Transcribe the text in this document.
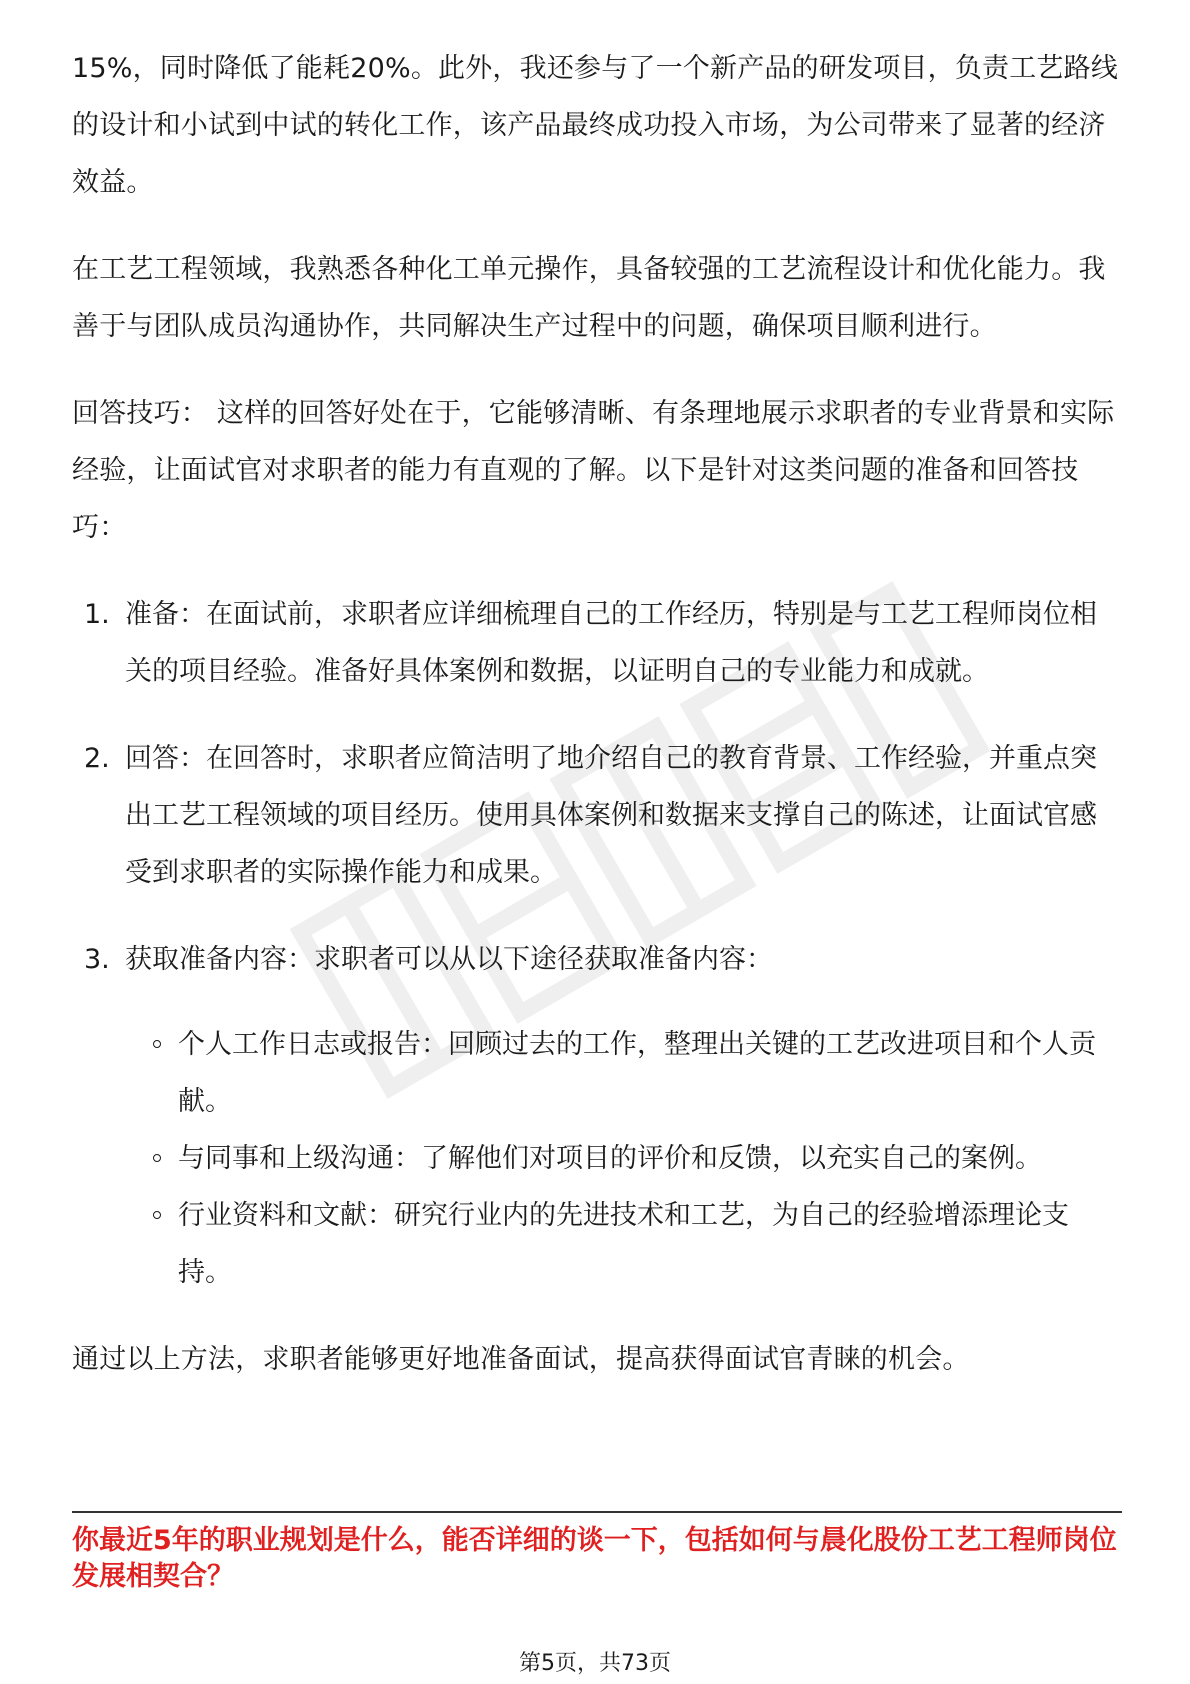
15%，同时降低了能耗20%。此外，我还参与了一个新产品的研发项目，负责工艺路线的设计和小试到中试的转化工作，该产品最终成功投入市场，为公司带来了显著的经济效益。

在工艺工程领域，我熟悉各种化工单元操作，具备较强的工艺流程设计和优化能力。我善于与团队成员沟通协作，共同解决生产过程中的问题，确保项目顺利进行。

回答技巧： 这样的回答好处在于，它能够清晰、有条理地展示求职者的专业背景和实际经验，让面试官对求职者的能力有直观的了解。以下是针对这类问题的准备和回答技巧：

1. 准备：在面试前，求职者应详细梳理自己的工作经历，特别是与工艺工程师岗位相关的项目经验。准备好具体案例和数据，以证明自己的专业能力和成就。
2. 回答：在回答时，求职者应简洁明了地介绍自己的教育背景、工作经验，并重点突出工艺工程领域的项目经历。使用具体案例和数据来支撑自己的陈述，让面试官感受到求职者的实际操作能力和成果。
3. 获取准备内容：求职者可以从以下途径获取准备内容：
个人工作日志或报告：回顾过去的工作，整理出关键的工艺改进项目和个人贡献。
与同事和上级沟通：了解他们对项目的评价和反馈，以充实自己的案例。
行业资料和文献：研究行业内的先进技术和工艺，为自己的经验增添理论支持。

通过以上方法，求职者能够更好地准备面试，提高获得面试官青睐的机会。

你最近5年的职业规划是什么，能否详细的谈一下，包括如何与晨化股份工艺工程师岗位发展相契合？

第5页，共73页
